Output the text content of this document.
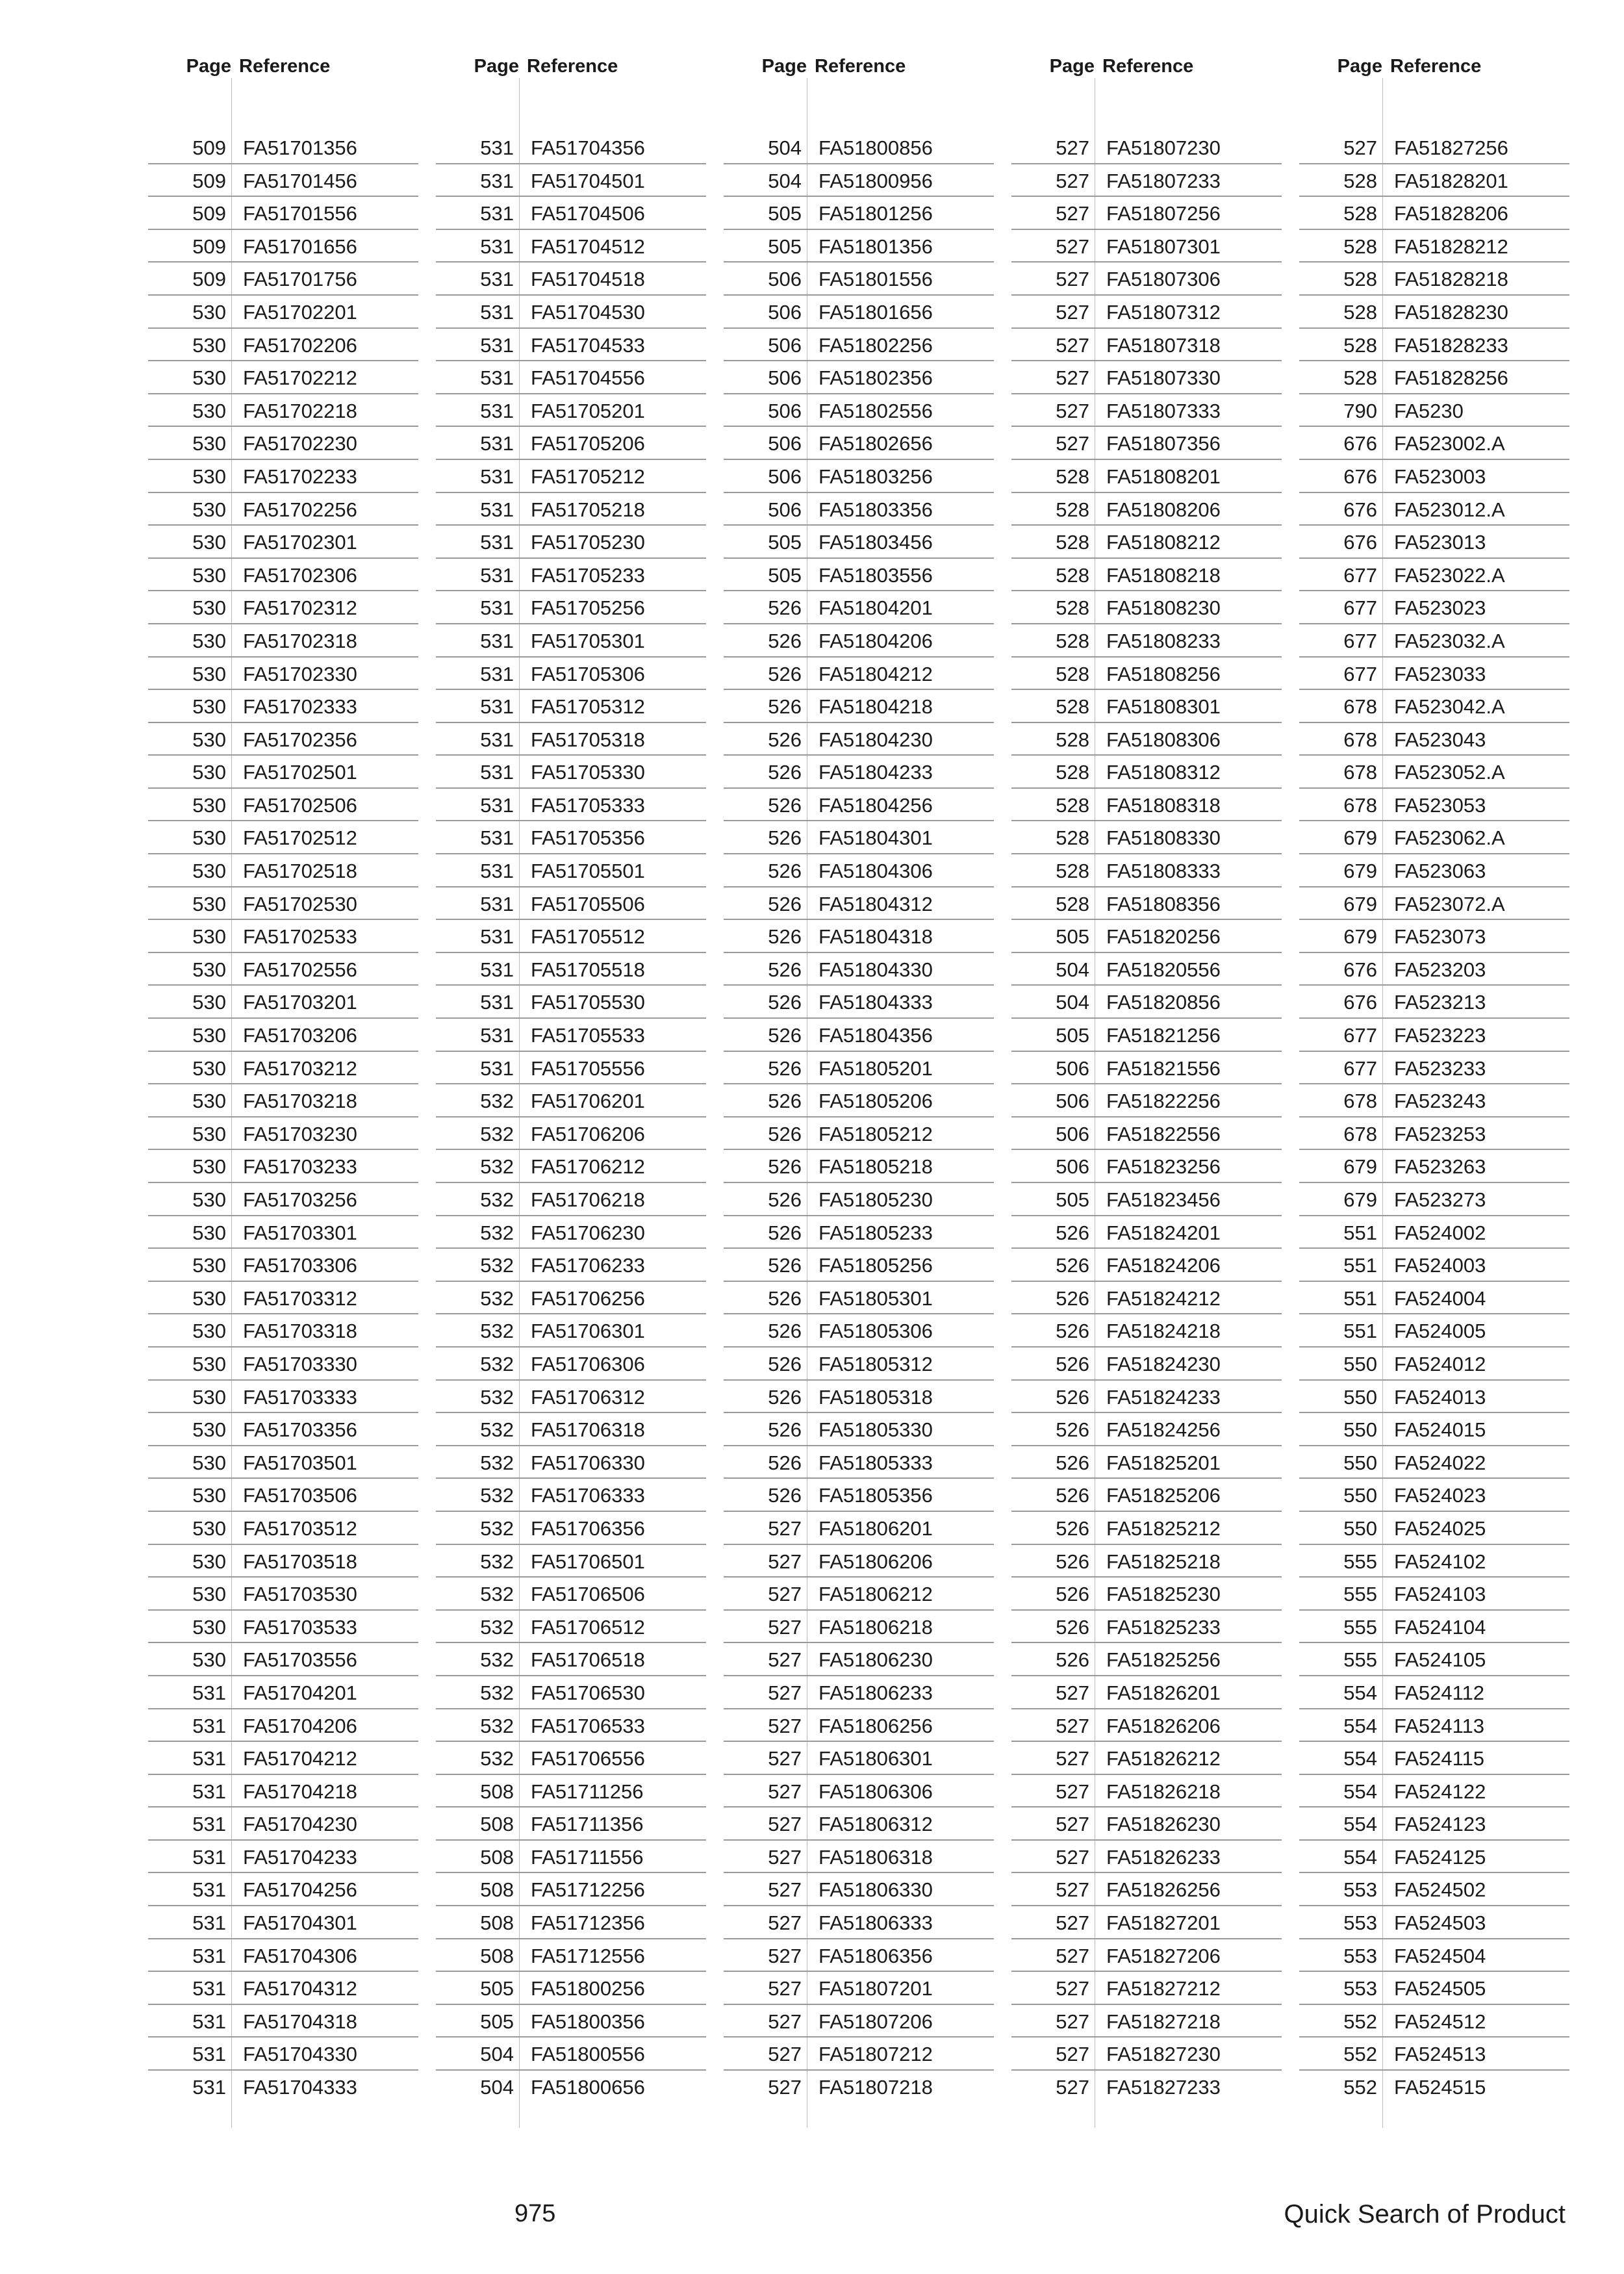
Page Reference
509 FA51701356
509 FA51701456
509 FA51701556
509 FA51701656
509 FA51701756
530 FA51702201
530 FA51702206
530 FA51702212
530 FA51702218
530 FA51702230
530 FA51702233
530 FA51702256
530 FA51702301
530 FA51702306
530 FA51702312
530 FA51702318
530 FA51702330
530 FA51702333
530 FA51702356
530 FA51702501
530 FA51702506
530 FA51702512
530 FA51702518
530 FA51702530
530 FA51702533
530 FA51702556
530 FA51703201
530 FA51703206
530 FA51703212
530 FA51703218
530 FA51703230
530 FA51703233
530 FA51703256
530 FA51703301
530 FA51703306
530 FA51703312
530 FA51703318
530 FA51703330
530 FA51703333
530 FA51703356
530 FA51703501
530 FA51703506
530 FA51703512
530 FA51703518
530 FA51703530
530 FA51703533
530 FA51703556
531 FA51704201
531 FA51704206
531 FA51704212
531 FA51704218
531 FA51704230
531 FA51704233
531 FA51704256
531 FA51704301
531 FA51704306
531 FA51704312
531 FA51704318
531 FA51704330
531 FA51704333
Page Reference
531 FA51704356
531 FA51704501
531 FA51704506
531 FA51704512
531 FA51704518
531 FA51704530
531 FA51704533
531 FA51704556
531 FA51705201
531 FA51705206
531 FA51705212
531 FA51705218
531 FA51705230
531 FA51705233
531 FA51705256
531 FA51705301
531 FA51705306
531 FA51705312
531 FA51705318
531 FA51705330
531 FA51705333
531 FA51705356
531 FA51705501
531 FA51705506
531 FA51705512
531 FA51705518
531 FA51705530
531 FA51705533
531 FA51705556
532 FA51706201
532 FA51706206
532 FA51706212
532 FA51706218
532 FA51706230
532 FA51706233
532 FA51706256
532 FA51706301
532 FA51706306
532 FA51706312
532 FA51706318
532 FA51706330
532 FA51706333
532 FA51706356
532 FA51706501
532 FA51706506
532 FA51706512
532 FA51706518
532 FA51706530
532 FA51706533
532 FA51706556
508 FA51711256
508 FA51711356
508 FA51711556
508 FA51712256
508 FA51712356
508 FA51712556
505 FA51800256
505 FA51800356
504 FA51800556
504 FA51800656
Page Reference
504 FA51800856
504 FA51800956
505 FA51801256
505 FA51801356
506 FA51801556
506 FA51801656
506 FA51802256
506 FA51802356
506 FA51802556
506 FA51802656
506 FA51803256
506 FA51803356
505 FA51803456
505 FA51803556
526 FA51804201
526 FA51804206
526 FA51804212
526 FA51804218
526 FA51804230
526 FA51804233
526 FA51804256
526 FA51804301
526 FA51804306
526 FA51804312
526 FA51804318
526 FA51804330
526 FA51804333
526 FA51804356
526 FA51805201
526 FA51805206
526 FA51805212
526 FA51805218
526 FA51805230
526 FA51805233
526 FA51805256
526 FA51805301
526 FA51805306
526 FA51805312
526 FA51805318
526 FA51805330
526 FA51805333
526 FA51805356
527 FA51806201
527 FA51806206
527 FA51806212
527 FA51806218
527 FA51806230
527 FA51806233
527 FA51806256
527 FA51806301
527 FA51806306
527 FA51806312
527 FA51806318
527 FA51806330
527 FA51806333
527 FA51806356
527 FA51807201
527 FA51807206
527 FA51807212
527 FA51807218
Page Reference
527 FA51807230
527 FA51807233
527 FA51807256
527 FA51807301
527 FA51807306
527 FA51807312
527 FA51807318
527 FA51807330
527 FA51807333
527 FA51807356
528 FA51808201
528 FA51808206
528 FA51808212
528 FA51808218
528 FA51808230
528 FA51808233
528 FA51808256
528 FA51808301
528 FA51808306
528 FA51808312
528 FA51808318
528 FA51808330
528 FA51808333
528 FA51808356
505 FA51820256
504 FA51820556
504 FA51820856
505 FA51821256
506 FA51821556
506 FA51822256
506 FA51822556
506 FA51823256
505 FA51823456
526 FA51824201
526 FA51824206
526 FA51824212
526 FA51824218
526 FA51824230
526 FA51824233
526 FA51824256
526 FA51825201
526 FA51825206
526 FA51825212
526 FA51825218
526 FA51825230
526 FA51825233
526 FA51825256
527 FA51826201
527 FA51826206
527 FA51826212
527 FA51826218
527 FA51826230
527 FA51826233
527 FA51826256
527 FA51827201
527 FA51827206
527 FA51827212
527 FA51827218
527 FA51827230
527 FA51827233
Page Reference
527 FA51827256
528 FA51828201
528 FA51828206
528 FA51828212
528 FA51828218
528 FA51828230
528 FA51828233
528 FA51828256
790 FA5230
676 FA523002.A
676 FA523003
676 FA523012.A
676 FA523013
677 FA523022.A
677 FA523023
677 FA523032.A
677 FA523033
678 FA523042.A
678 FA523043
678 FA523052.A
678 FA523053
679 FA523062.A
679 FA523063
679 FA523072.A
679 FA523073
676 FA523203
676 FA523213
677 FA523223
677 FA523233
678 FA523243
678 FA523253
679 FA523263
679 FA523273
551 FA524002
551 FA524003
551 FA524004
551 FA524005
550 FA524012
550 FA524013
550 FA524015
550 FA524022
550 FA524023
550 FA524025
555 FA524102
555 FA524103
555 FA524104
555 FA524105
554 FA524112
554 FA524113
554 FA524115
554 FA524122
554 FA524123
554 FA524125
553 FA524502
553 FA524503
553 FA524504
553 FA524505
552 FA524512
552 FA524513
552 FA524515
975	Quick Search of Product
